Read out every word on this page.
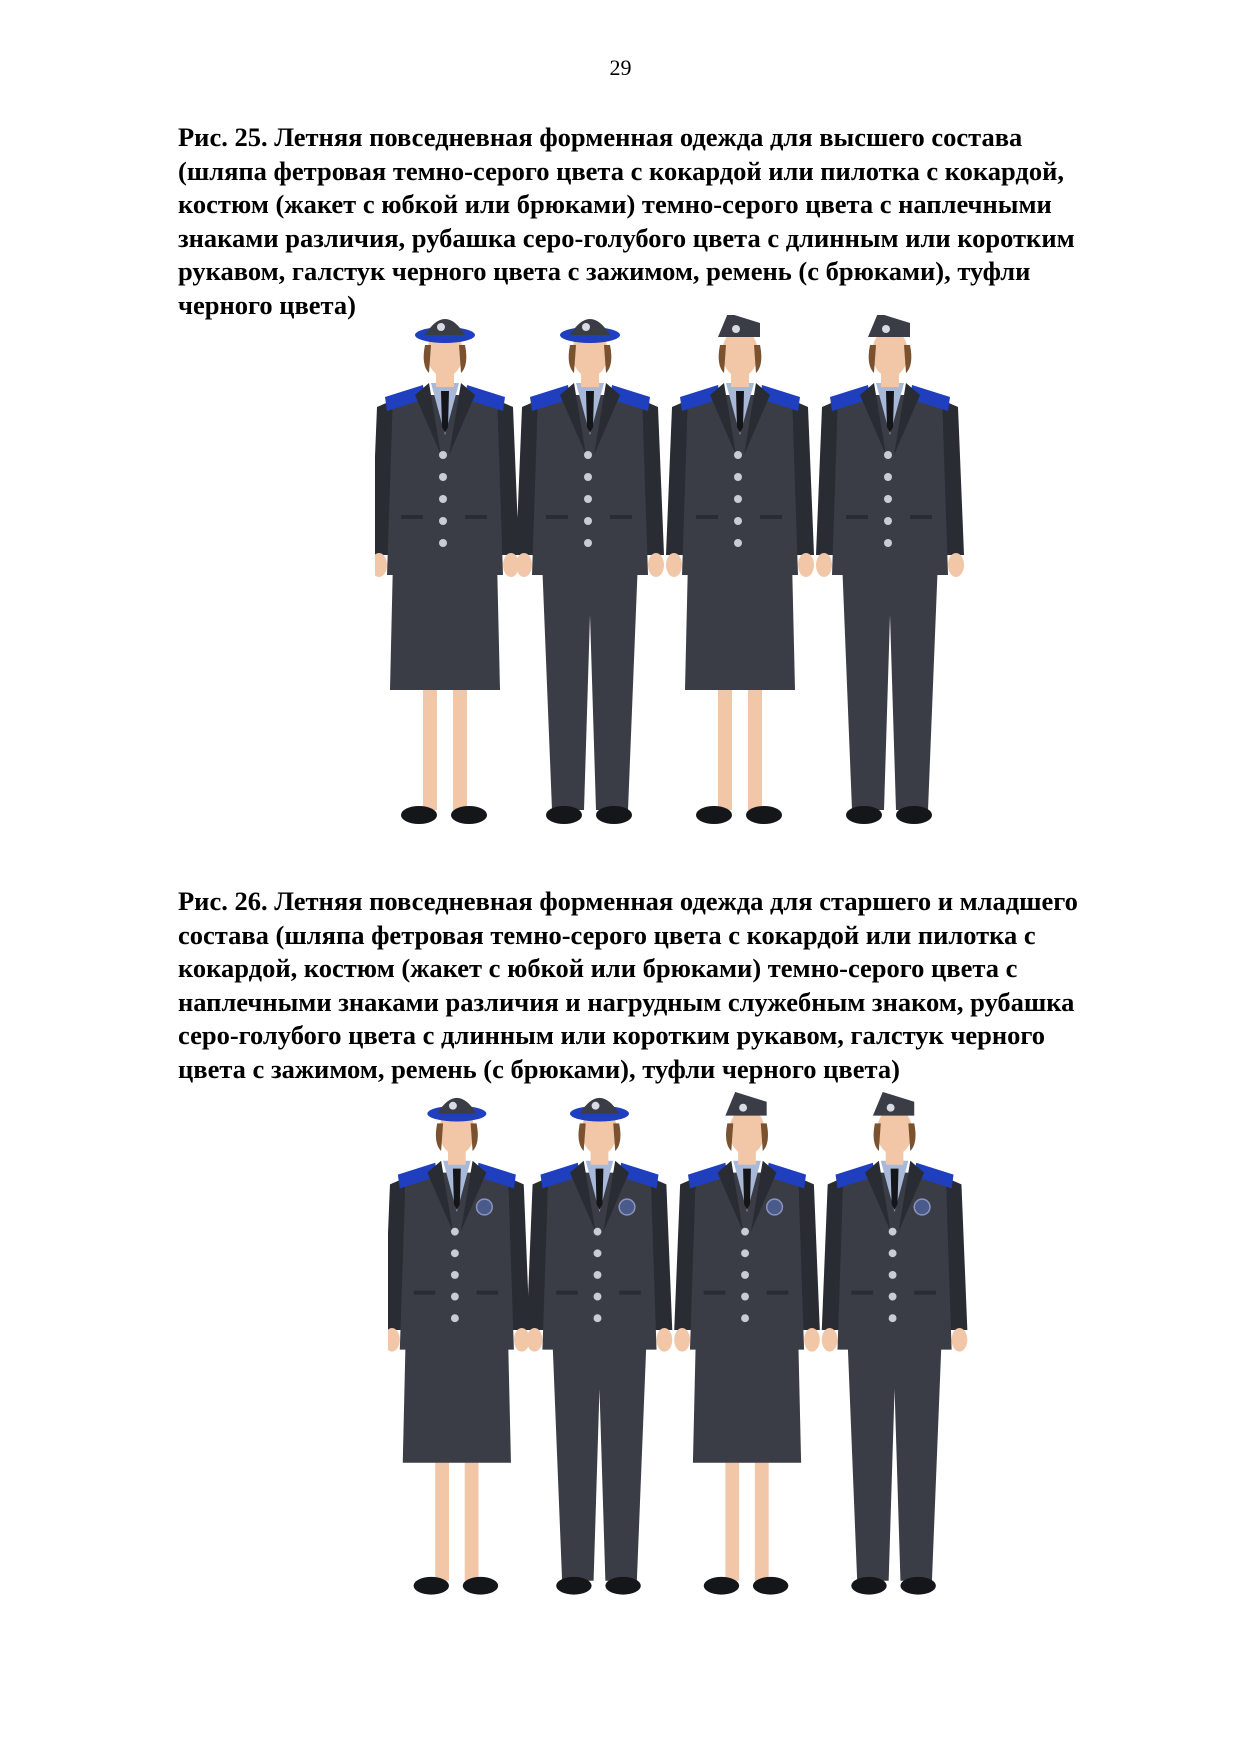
29

Рис. 25. Летняя повседневная форменная одежда для высшего состава
(шляпа фетровая темно-серого цвета с кокардой или пилотка с кокардой,
костюм (жакет с юбкой или брюками) темно-серого цвета с наплечными
знаками различия, рубашка серо-голубого цвета с длинным или коротким
рукавом, галстук черного цвета с зажимом, ремень (с брюками), туфли
черного цвета)

Рис. 26. Летняя повседневная форменная одежда для старшего и младшего
состава (шляпа фетровая темно-серого цвета с кокардой или пилотка с
кокардой, костюм (жакет с юбкой или брюками) темно-серого цвета с
наплечными знаками различия и нагрудным служебным знаком, рубашка
серо-голубого цвета с длинным или коротким рукавом, галстук черного
цвета с зажимом, ремень (с брюками), туфли черного цвета)
